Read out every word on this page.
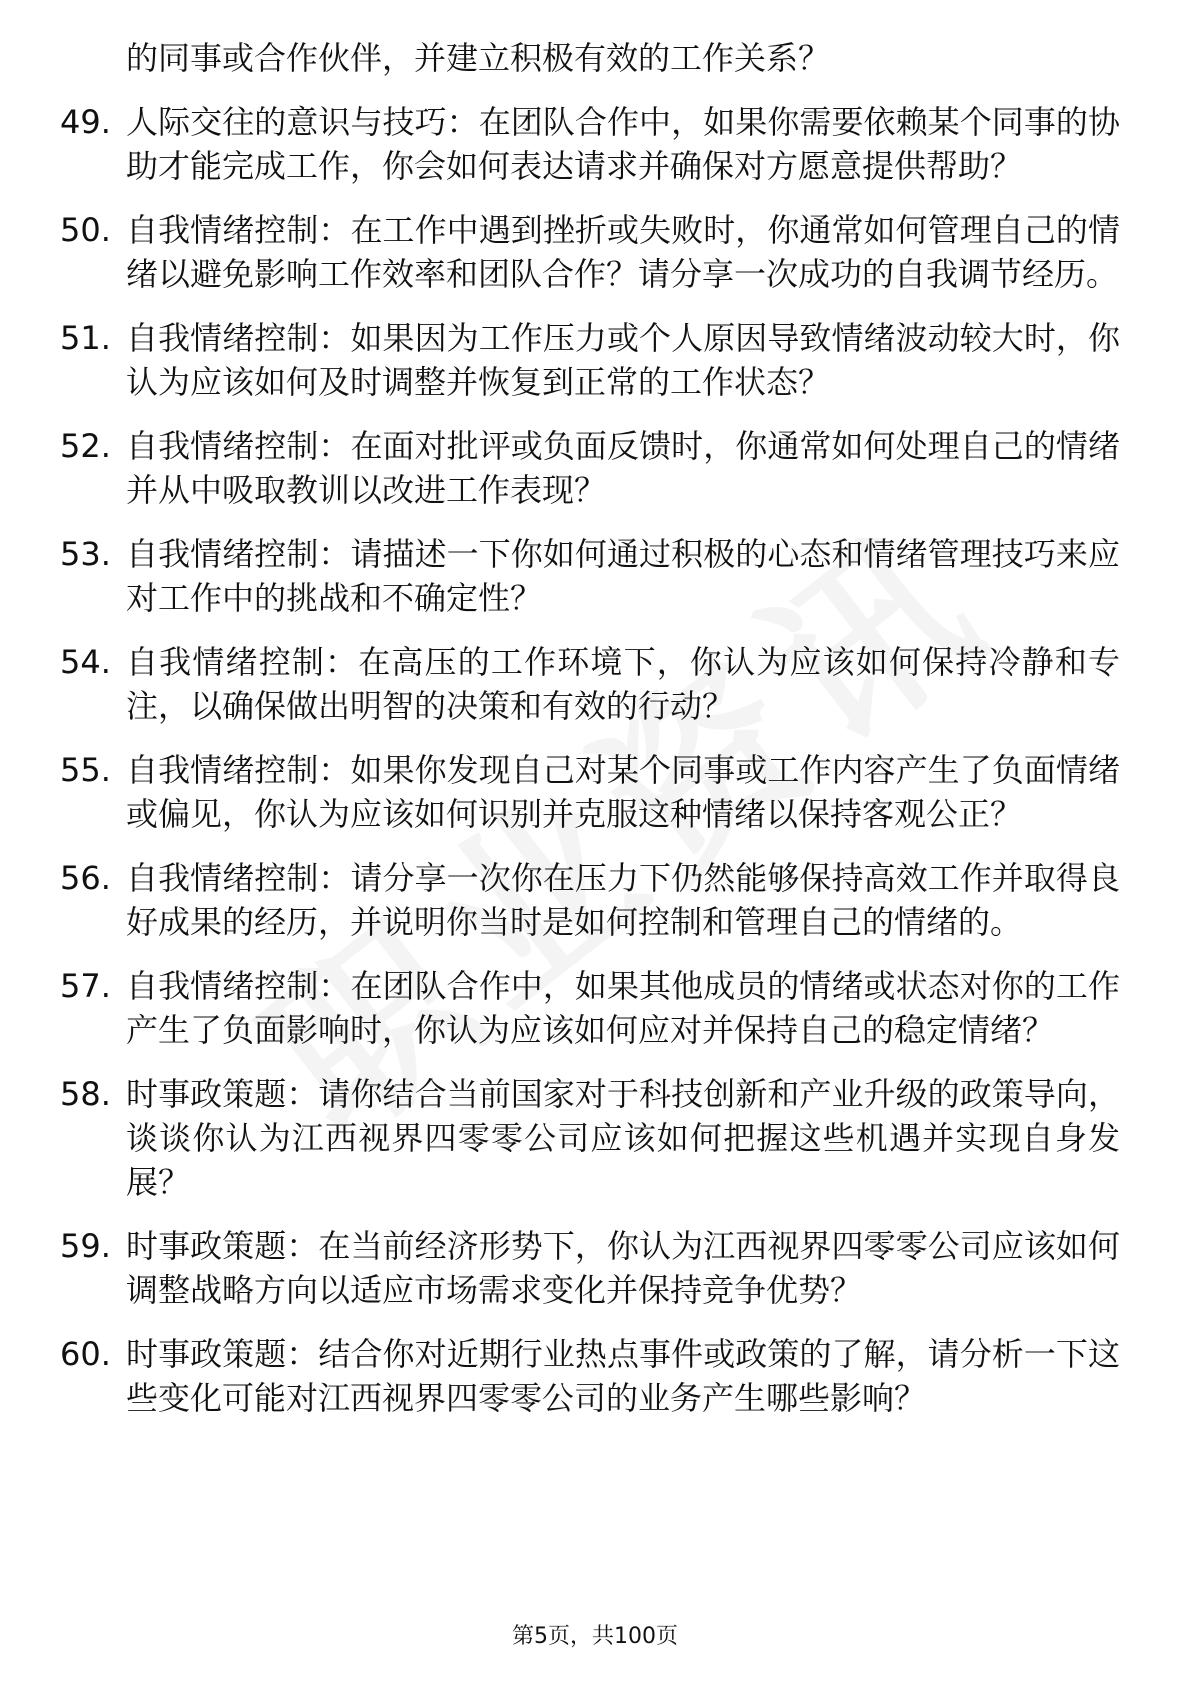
的同事或合作伙伴，并建立积极有效的工作关系？
49. 人际交往的意识与技巧：在团队合作中，如果你需要依赖某个同事的协助才能完成工作，你会如何表达请求并确保对方愿意提供帮助？
50. 自我情绪控制：在工作中遇到挫折或失败时，你通常如何管理自己的情绪以避免影响工作效率和团队合作？请分享一次成功的自我调节经历。
51. 自我情绪控制：如果因为工作压力或个人原因导致情绪波动较大时，你认为应该如何及时调整并恢复到正常的工作状态？
52. 自我情绪控制：在面对批评或负面反馈时，你通常如何处理自己的情绪并从中吸取教训以改进工作表现？
53. 自我情绪控制：请描述一下你如何通过积极的心态和情绪管理技巧来应对工作中的挑战和不确定性？
54. 自我情绪控制：在高压的工作环境下，你认为应该如何保持冷静和专注，以确保做出明智的决策和有效的行动？
55. 自我情绪控制：如果你发现自己对某个同事或工作内容产生了负面情绪或偏见，你认为应该如何识别并克服这种情绪以保持客观公正？
56. 自我情绪控制：请分享一次你在压力下仍然能够保持高效工作并取得良好成果的经历，并说明你当时是如何控制和管理自己的情绪的。
57. 自我情绪控制：在团队合作中，如果其他成员的情绪或状态对你的工作产生了负面影响时，你认为应该如何应对并保持自己的稳定情绪？
58. 时事政策题：请你结合当前国家对于科技创新和产业升级的政策导向，谈谈你认为江西视界四零零公司应该如何把握这些机遇并实现自身发展？
59. 时事政策题：在当前经济形势下，你认为江西视界四零零公司应该如何调整战略方向以适应市场需求变化并保持竞争优势？
60. 时事政策题：结合你对近期行业热点事件或政策的了解，请分析一下这些变化可能对江西视界四零零公司的业务产生哪些影响？
第5页，共100页
